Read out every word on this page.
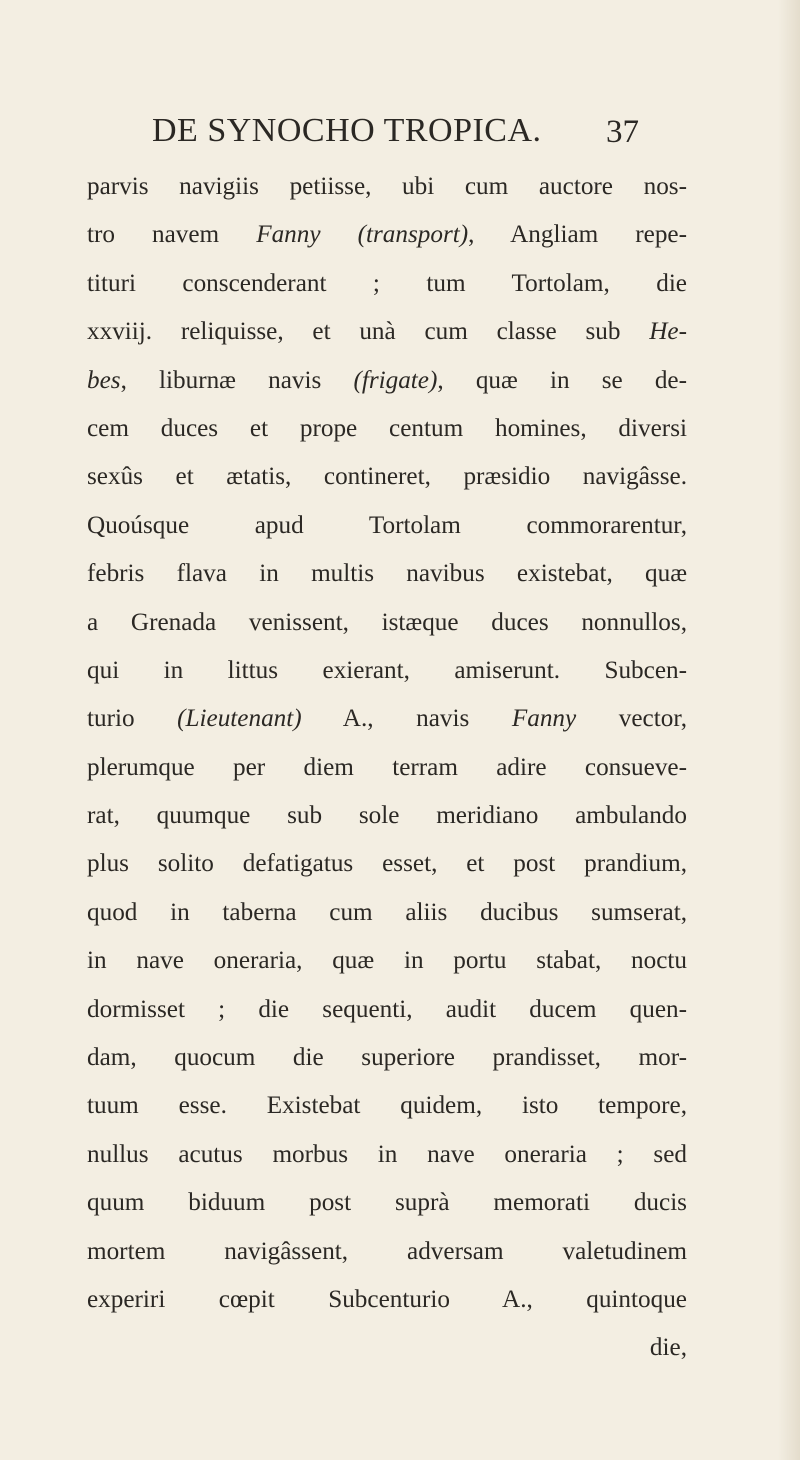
DE SYNOCHO TROPICA. 37
parvis navigiis petiisse, ubi cum auctore nos-
tro navem Fanny (transport), Angliam repe-
tituri conscenderant ; tum Tortolam, die
xxviij. reliquisse, et unà cum classe sub He-
bes, liburnæ navis (frigate), quæ in se de-
cem duces et prope centum homines, diversi
sexûs et ætatis, contineret, præsidio navigâsse.
Quoúsque apud Tortolam commorarentur,
febris flava in multis navibus existebat, quæ
a Grenada venissent, istæque duces nonnullos,
qui in littus exierant, amiserunt. Subcen-
turio (Lieutenant) A., navis Fanny vector,
plerumque per diem terram adire consueve-
rat, quumque sub sole meridiano ambulando
plus solito defatigatus esset, et post prandium,
quod in taberna cum aliis ducibus sumserat,
in nave oneraria, quæ in portu stabat, noctu
dormisset ; die sequenti, audit ducem quen-
dam, quocum die superiore prandisset, mor-
tuum esse. Existebat quidem, isto tempore,
nullus acutus morbus in nave oneraria ; sed
quum biduum post suprà memorati ducis
mortem navigâssent, adversam valetudinem
experiri cœpit Subcenturio A., quintoque
die,
